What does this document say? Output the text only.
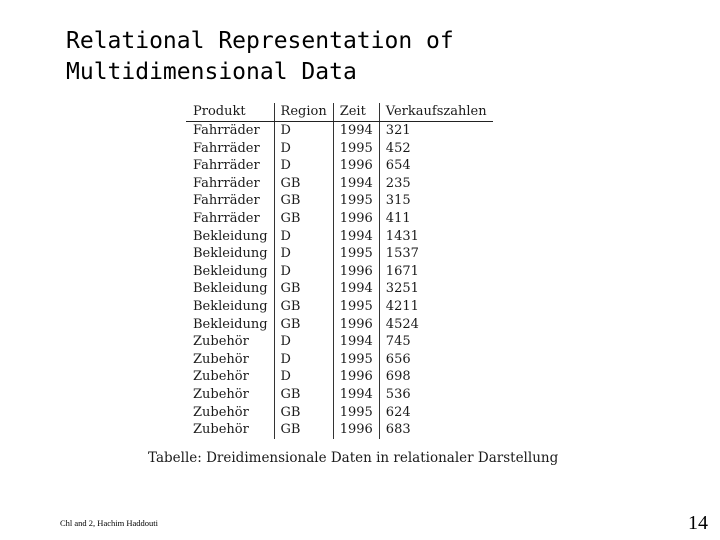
Relational Representation of
Multidimensional Data
Produkt	Region	Zeit	Verkaufszahlen
Fahrräder	D	1994	321
Fahrräder	D	1995	452
Fahrräder	D	1996	654
Fahrräder	GB	1994	235
Fahrräder	GB	1995	315
Fahrräder	GB	1996	411
Bekleidung	D	1994	1431
Bekleidung	D	1995	1537
Bekleidung	D	1996	1671
Bekleidung	GB	1994	3251
Bekleidung	GB	1995	4211
Bekleidung	GB	1996	4524
Zubehör	D	1994	745
Zubehör	D	1995	656
Zubehör	D	1996	698
Zubehör	GB	1994	536
Zubehör	GB	1995	624
Zubehör	GB	1996	683
Tabelle: Dreidimensionale Daten in relationaler Darstellung
Chl and 2, Hachim Haddouti	14
